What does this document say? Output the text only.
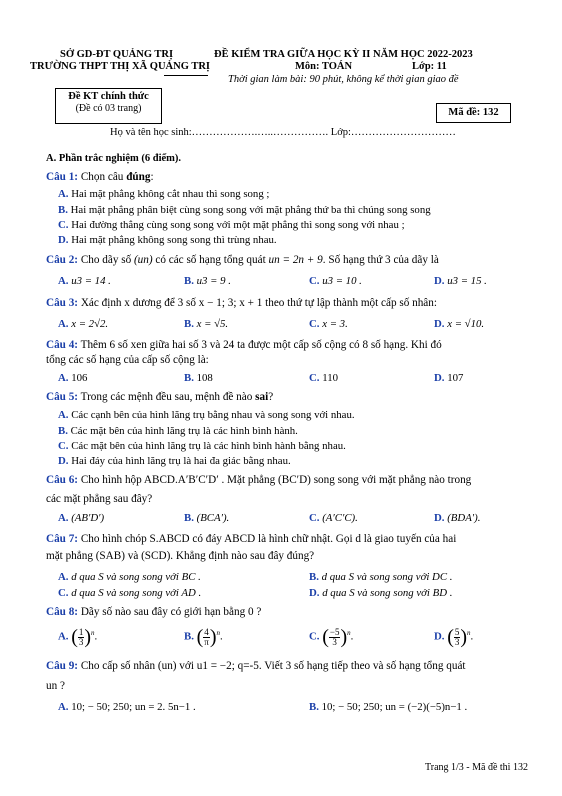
SỞ GD-ĐT QUẢNG TRỊ
TRƯỜNG THPT THỊ XÃ QUẢNG TRỊ
ĐỀ KIỂM TRA GIỮA HỌC KỲ II NĂM HỌC 2022-2023
Môn: TOÁN	Lớp: 11
Thời gian làm bài: 90 phút, không kể thời gian giao đề
Đề KT chính thức
(Đề có 03 trang)	Mã đề: 132
Họ và tên học sinh:……………….…..……………. Lớp:…………………………
A. Phần trắc nghiệm (6 điểm).
Câu 1: Chọn câu đúng:
A. Hai mặt phẳng không cắt nhau thì song song ;
B. Hai mặt phẳng phân biệt cùng song song với mặt phẳng thứ ba thì chúng song song
C. Hai đường thẳng cùng song song với một mặt phẳng thì song song với nhau ;
D. Hai mặt phẳng không song song thì trùng nhau.
Câu 2: Cho dãy số (un) có các số hạng tổng quát un = 2n + 9. Số hạng thứ 3 của dãy là
A. u3 = 14 .	B. u3 = 9 .	C. u3 = 10 .	D. u3 = 15 .
Câu 3: Xác định x dương để 3 số x − 1; 3; x + 1 theo thứ tự lập thành một cấp số nhân:
A. x = 2√2.	B. x = √5.	C. x = 3.	D. x = √10.
Câu 4: Thêm 6 số xen giữa hai số 3 và 24 ta được một cấp số cộng có 8 số hạng. Khi đó
tổng các số hạng của cấp số cộng là:
A. 106	B. 108	C. 110	D. 107
Câu 5: Trong các mệnh đều sau, mệnh đề nào sai?
A. Các cạnh bên của hình lăng trụ bằng nhau và song song với nhau.
B. Các mặt bên của hình lăng trụ là các hình bình hành.
C. Các mặt bên của hình lăng trụ là các hình bình hành bằng nhau.
D. Hai đáy của hình lăng trụ là hai đa giác bằng nhau.
Câu 6: Cho hình hộp ABCD.A′B′C′D′ . Mặt phẳng (BC′D) song song với mặt phẳng nào trong
các mặt phẳng sau đây?
A. (AB′D′)	B. (BCA′).	C. (A′C′C).	D. (BDA′).
Câu 7: Cho hình chóp S.ABCD có đáy ABCD là hình chữ nhật. Gọi d là giao tuyến của hai
mặt phẳng (SAB) và (SCD). Khẳng định nào sau đây đúng?
A. d qua S và song song với BC .	B. d qua S và song song với DC .
C. d qua S và song song với AD .	D. d qua S và song song với BD .
Câu 8: Dãy số nào sau đây có giới hạn bằng 0 ?
A. ( $\frac{1}{3} )^n$.	B. ( $\frac{4}{\pi} )^n$.	C. ( $\frac{-5}{3} )^n$.	D. ( $\frac{5}{3} )^n$.
Câu 9: Cho cấp số nhân (un) với u1 = −2; q=-5. Viết 3 số hạng tiếp theo và số hạng tổng quát
un ?
A. 10; − 50; 250; un = 2. 5n−1 .	B. 10; − 50; 250; un = (−2)(−5)n−1 .
Trang 1/3 - Mã đề thi 132
